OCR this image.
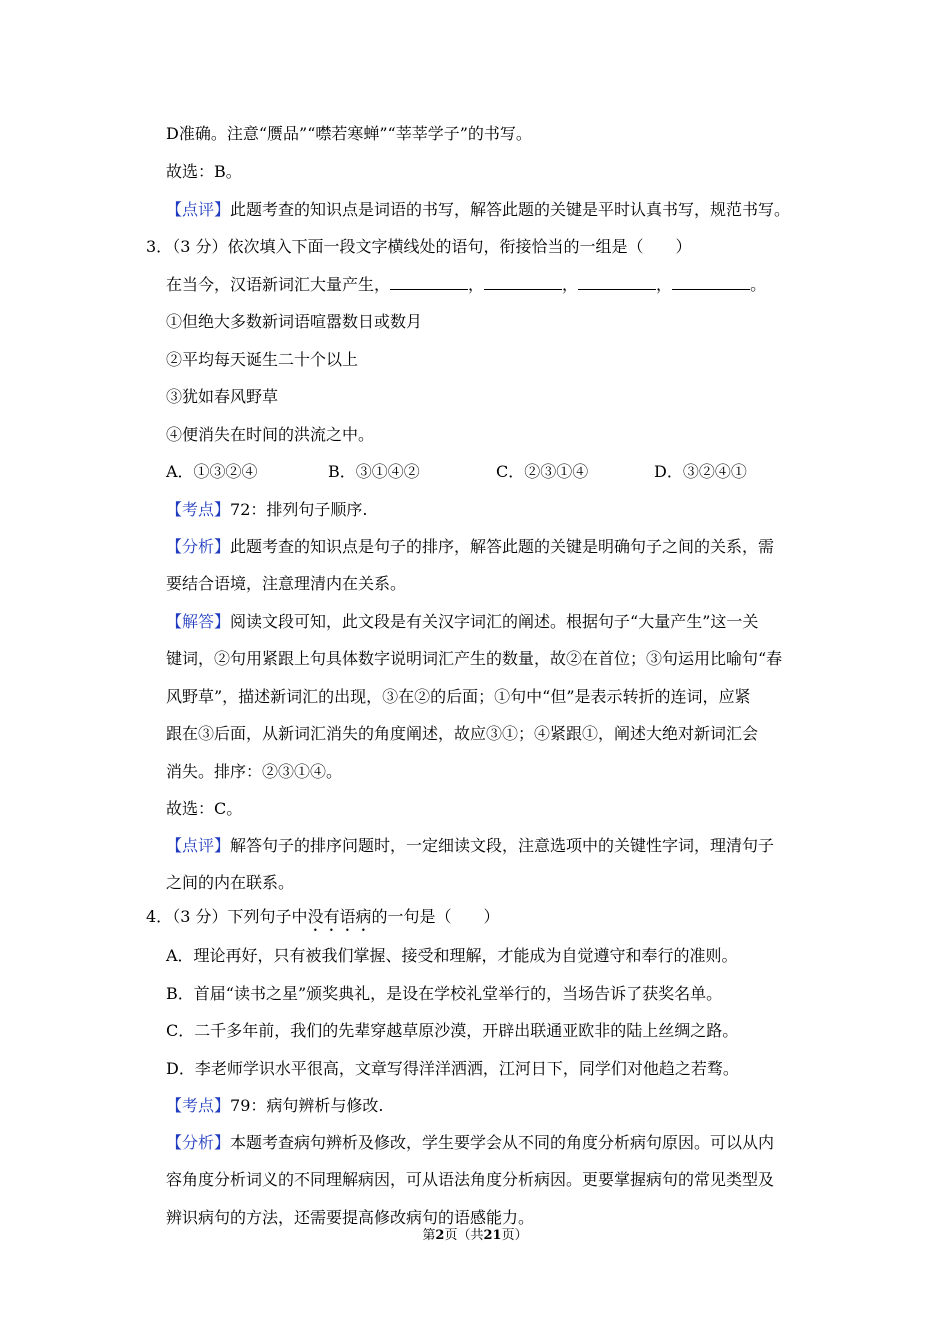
D准确。注意“赝品”“噤若寒蝉”“莘莘学子”的书写。
故选：B。
【点评】此题考查的知识点是词语的书写，解答此题的关键是平时认真书写，规范书写。
3．（3 分）依次填入下面一段文字横线处的语句，衔接恰当的一组是（　　）
在当今，汉语新词汇大量产生，	，	，	，	。
①但绝大多数新词语喧嚣数日或数月
②平均每天诞生二十个以上
③犹如春风野草
④便消失在时间的洪流之中。
A．①③②④	B．③①④②	C．②③①④	D．③②④①
【考点】72：排列句子顺序.
【分析】此题考查的知识点是句子的排序，解答此题的关键是明确句子之间的关系，需
要结合语境，注意理清内在关系。
【解答】阅读文段可知，此文段是有关汉字词汇的阐述。根据句子“大量产生”这一关
键词，②句用紧跟上句具体数字说明词汇产生的数量，故②在首位；③句运用比喻句“春
风野草”，描述新词汇的出现，③在②的后面；①句中“但”是表示转折的连词，应紧
跟在③后面，从新词汇消失的角度阐述，故应③①；④紧跟①，阐述大绝对新词汇会
消失。排序：②③①④。
故选：C。
【点评】解答句子的排序问题时，一定细读文段，注意选项中的关键性字词，理清句子
之间的内在联系。
4．（3 分）下列句子中没有语病的一句是（　　）
A．理论再好，只有被我们掌握、接受和理解，才能成为自觉遵守和奉行的准则。
B．首届“读书之星”颁奖典礼，是设在学校礼堂举行的，当场告诉了获奖名单。
C．二千多年前，我们的先辈穿越草原沙漠，开辟出联通亚欧非的陆上丝绸之路。
D．李老师学识水平很高，文章写得洋洋洒洒，江河日下，同学们对他趋之若骛。
【考点】79：病句辨析与修改.
【分析】本题考查病句辨析及修改，学生要学会从不同的角度分析病句原因。可以从内
容角度分析词义的不同理解病因，可从语法角度分析病因。更要掌握病句的常见类型及
辨识病句的方法，还需要提高修改病句的语感能力。
第2页（共21页）
